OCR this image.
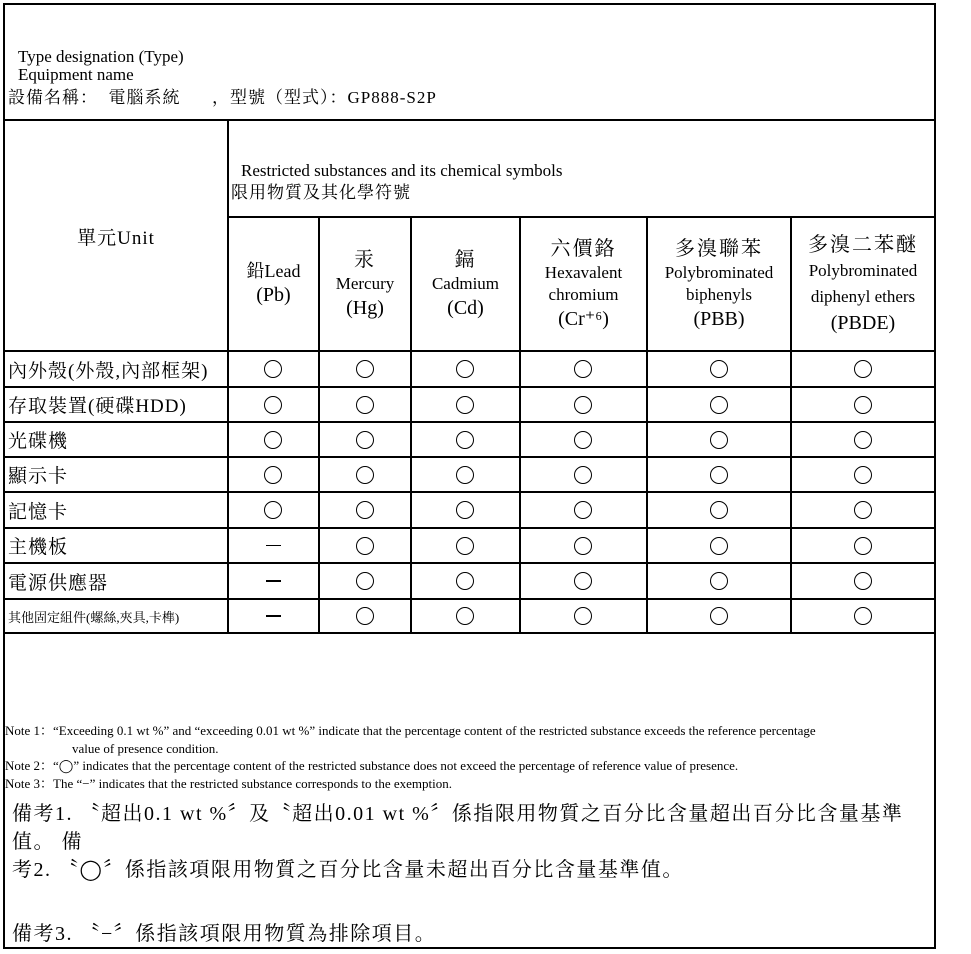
Type designation (Type)
Equipment name
設備名稱：  電腦系統      ，型號（型式）：GP888-S2P
單元Unit
Restricted substances and its chemical symbols
限用物質及其化學符號
鉛Lead
(Pb)
汞
Mercury
(Hg)
鎘
Cadmium
(Cd)
六價鉻
Hexavalent chromium
(Cr⁺⁶)
多溴聯苯
Polybrominated biphenyls
(PBB)
多溴二苯醚
Polybrominated diphenyl ethers
(PBDE)
內外殼(外殼,內部框架)
存取裝置(硬碟HDD)
光碟機
顯示卡
記憶卡
主機板
電源供應器
其他固定組件(螺絲,夾具,卡榫)
Note 1：“Exceeding 0.1 wt %” and “exceeding 0.01 wt %” indicate that the percentage content of the restricted substance exceeds the reference percentage
value of presence condition.
Note 2：“◯” indicates that the percentage content of the restricted substance does not exceed the percentage of reference value of presence.
Note 3：The “−” indicates that the restricted substance corresponds to the exemption.

備考1. 〝超出0.1 wt %〞及〝超出0.01 wt %〞係指限用物質之百分比含量超出百分比含量基準值。 備

考2. 〝◯〞係指該項限用物質之百分比含量未超出百分比含量基準值。

備考3. 〝−〞係指該項限用物質為排除項目。
